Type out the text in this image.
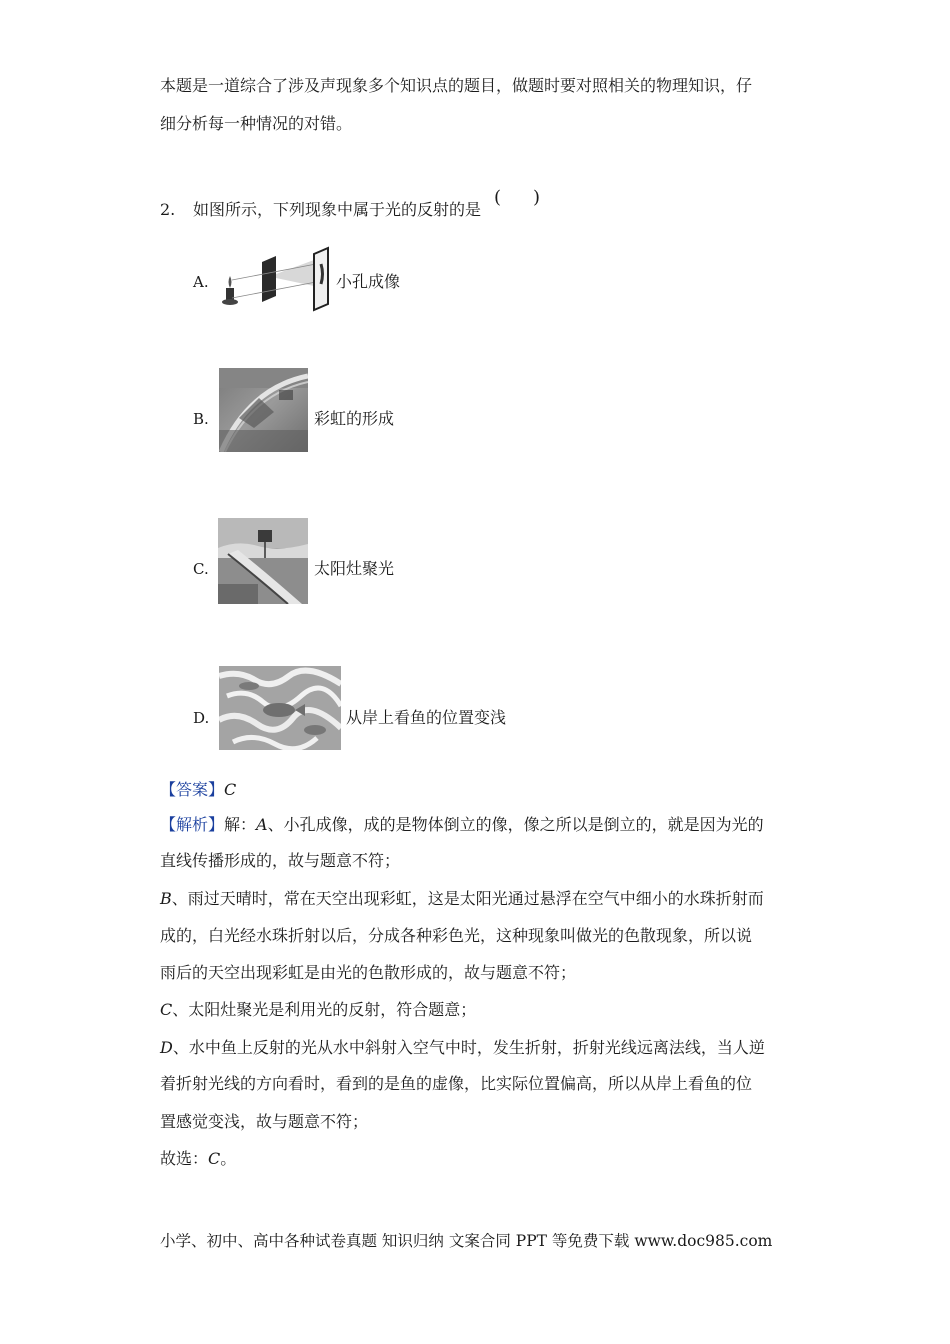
本题是一道综合了涉及声现象多个知识点的题目，做题时要对照相关的物理知识，仔
细分析每一种情况的对错。
2. 如图所示，下列现象中属于光的反射的是
( )
A.	小孔成像
B.	彩虹的形成
C.	太阳灶聚光
D.	从岸上看鱼的位置变浅
【答案】C
【解析】解：A、小孔成像，成的是物体倒立的像，像之所以是倒立的，就是因为光的
直线传播形成的，故与题意不符；
B、雨过天晴时，常在天空出现彩虹，这是太阳光通过悬浮在空气中细小的水珠折射而
成的，白光经水珠折射以后，分成各种彩色光，这种现象叫做光的色散现象，所以说
雨后的天空出现彩虹是由光的色散形成的，故与题意不符；
C、太阳灶聚光是利用光的反射，符合题意；
D、水中鱼上反射的光从水中斜射入空气中时，发生折射，折射光线远离法线，当人逆
着折射光线的方向看时，看到的是鱼的虚像，比实际位置偏高，所以从岸上看鱼的位
置感觉变浅，故与题意不符；
故选：C。
小学、初中、高中各种试卷真题 知识归纳 文案合同 PPT 等免费下载 www.doc985.com
